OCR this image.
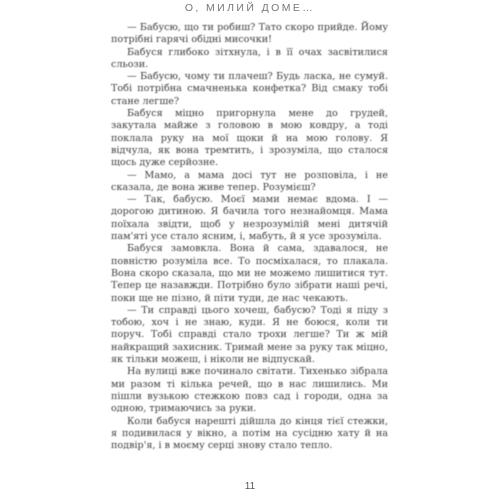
О, МИЛИЙ ДОМЕ…

— Бабусю, що ти робиш? Тато скоро прийде. Йому потрібні гарячі обідні мисочки!

Бабуся глибоко зітхнула, і в її очах засвітилися сльози.

— Бабусю, чому ти плачеш? Будь ласка, не сумуй. Тобі потрібна смачненька конфетка? Від смаку тобі стане легше?

Бабуся міцно пригорнула мене до грудей, закутала майже з головою в мою ковдру, а тоді поклала руку на мої щоки й на мою голову. Я відчула, як вона тремтить, і зрозуміла, що сталося щось дуже серйозне.

— Мамо, а мама досі тут не розповіла, і не сказала, де вона живе тепер. Розумієш?

— Так, бабусю. Моєї мами немає вдома. І — дорогою дитиною. Я бачила того незнайомця. Мама поїхала звідти, щоб у незрозумілій мені дитячій пам'яті усе стало ясним, і, мабуть, й я усе зрозуміла.

Бабуся замовкла. Вона й сама, здавалося, не повністю розуміла все. То посміхалася, то плакала. Вона скоро сказала, що ми не можемо лишитися тут. Тепер це назавжди. Потрібно було зібрати наші речі, поки ще не пізно, й піти туди, де нас чекають.

— Ти справді цього хочеш, бабусю? Тоді я піду з тобою, хоч і не знаю, куди. Я не боюся, коли ти поруч. Тобі справді стало трохи легше? Ти ж мій найкращий захисник. Тримай мене за руку так міцно, як тільки можеш, і ніколи не відпускай.

На вулиці вже починало світати. Тихенько зібрала ми разом ті кілька речей, що в нас лишились. Ми пішли вузькою стежкою повз сад і городи, одна за одною, тримаючись за руки.

Коли бабуся нарешті дійшла до кінця тієї стежки, я подивилася у вікно, а потім на сусідню хату й на подвір'я, і в моєму серці знову стало тепло.

11
